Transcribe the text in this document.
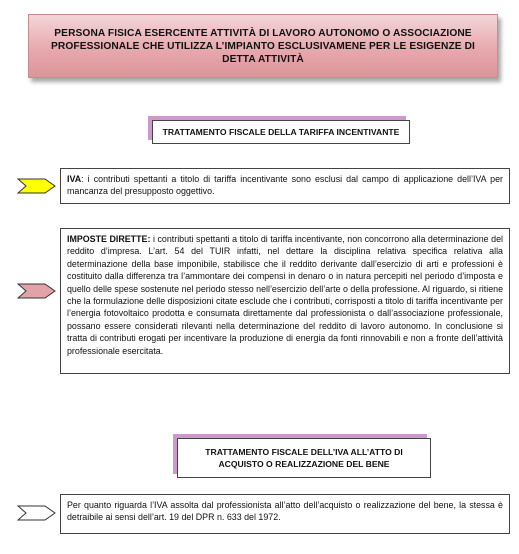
PERSONA FISICA ESERCENTE ATTIVITÀ DI LAVORO AUTONOMO O ASSOCIAZIONE PROFESSIONALE CHE UTILIZZA L’IMPIANTO ESCLUSIVAMENE PER LE ESIGENZE DI DETTA ATTIVITÀ
TRATTAMENTO FISCALE DELLA TARIFFA INCENTIVANTE
IVA: i contributi spettanti a titolo di tariffa incentivante sono esclusi dal campo di applicazione dell’IVA per mancanza del presupposto oggettivo.
IMPOSTE DIRETTE: i contributi spettanti a titolo di tariffa incentivante, non concorrono alla determinazione del reddito d’impresa. L’art. 54 del TUIR infatti, nel dettare la disciplina relativa specifica relativa alla determinazione della base imponibile, stabilisce che il reddito derivante dall’esercizio di arti e professioni è costituito dalla differenza tra l’ammontare dei compensi in denaro o in natura percepiti nel periodo d’imposta e quello delle spese sostenute nel periodo stesso nell’esercizio dell’arte o della professione. Al riguardo, si ritiene che la formulazione delle disposizioni citate esclude che i contributi, corrisposti a titolo di tariffa incentivante per l’energia fotovoltaico prodotta e consumata direttamente dal professionista o dall’associazione professionale, possano essere considerati rilevanti nella determinazione del reddito di lavoro autonomo. In conclusione si tratta di contributi erogati per incentivare la produzione di energia da fonti rinnovabili e non a fronte dell’attività professionale esercitata.
TRATTAMENTO FISCALE DELL’IVA ALL’ATTO DI ACQUISTO O REALIZZAZIONE DEL BENE
Per quanto riguarda l’IVA assolta dal professionista all’atto dell’acquisto o realizzazione del bene, la stessa è detraibile ai sensi dell’art. 19 del DPR n. 633 del 1972.
